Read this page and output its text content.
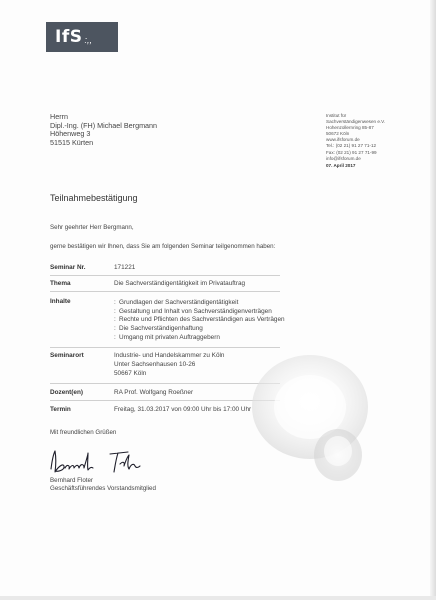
IfS :,,
Herrn
Dipl.-Ing. (FH) Michael Bergmann
Höhenweg 3
51515 Kürten
Institut für
Sachverständigenwesen e.V.
Hohenzollernring 85-87
50672 Köln
www.ifsforum.de
Tel.: (02 21) 91 27 71-12
Fax: (02 21) 91 27 71-99
info@ifsforum.de
07. April 2017
Teilnahmebestätigung
Sehr geehrter Herr Bergmann,
gerne bestätigen wir Ihnen, dass Sie am folgenden Seminar teilgenommen haben:
Seminar Nr.	171221
Thema	Die Sachverständigentätigkeit im Privatauftrag
Inhalte	: Grundlagen der Sachverständigentätigkeit
: Gestaltung und Inhalt von Sachverständigenverträgen
: Rechte und Pflichten des Sachverständigen aus Verträgen
: Die Sachverständigenhaftung
: Umgang mit privaten Auftraggebern
Seminarort	Industrie- und Handelskammer zu Köln
Unter Sachsenhausen 10-26
50667 Köln
Dozent(en)	RA Prof. Wolfgang Roeßner
Termin	Freitag, 31.03.2017 von 09:00 Uhr bis 17:00 Uhr
Mit freundlichen Grüßen
Bernhard Floter
Geschäftsführendes Vorstandsmitglied
